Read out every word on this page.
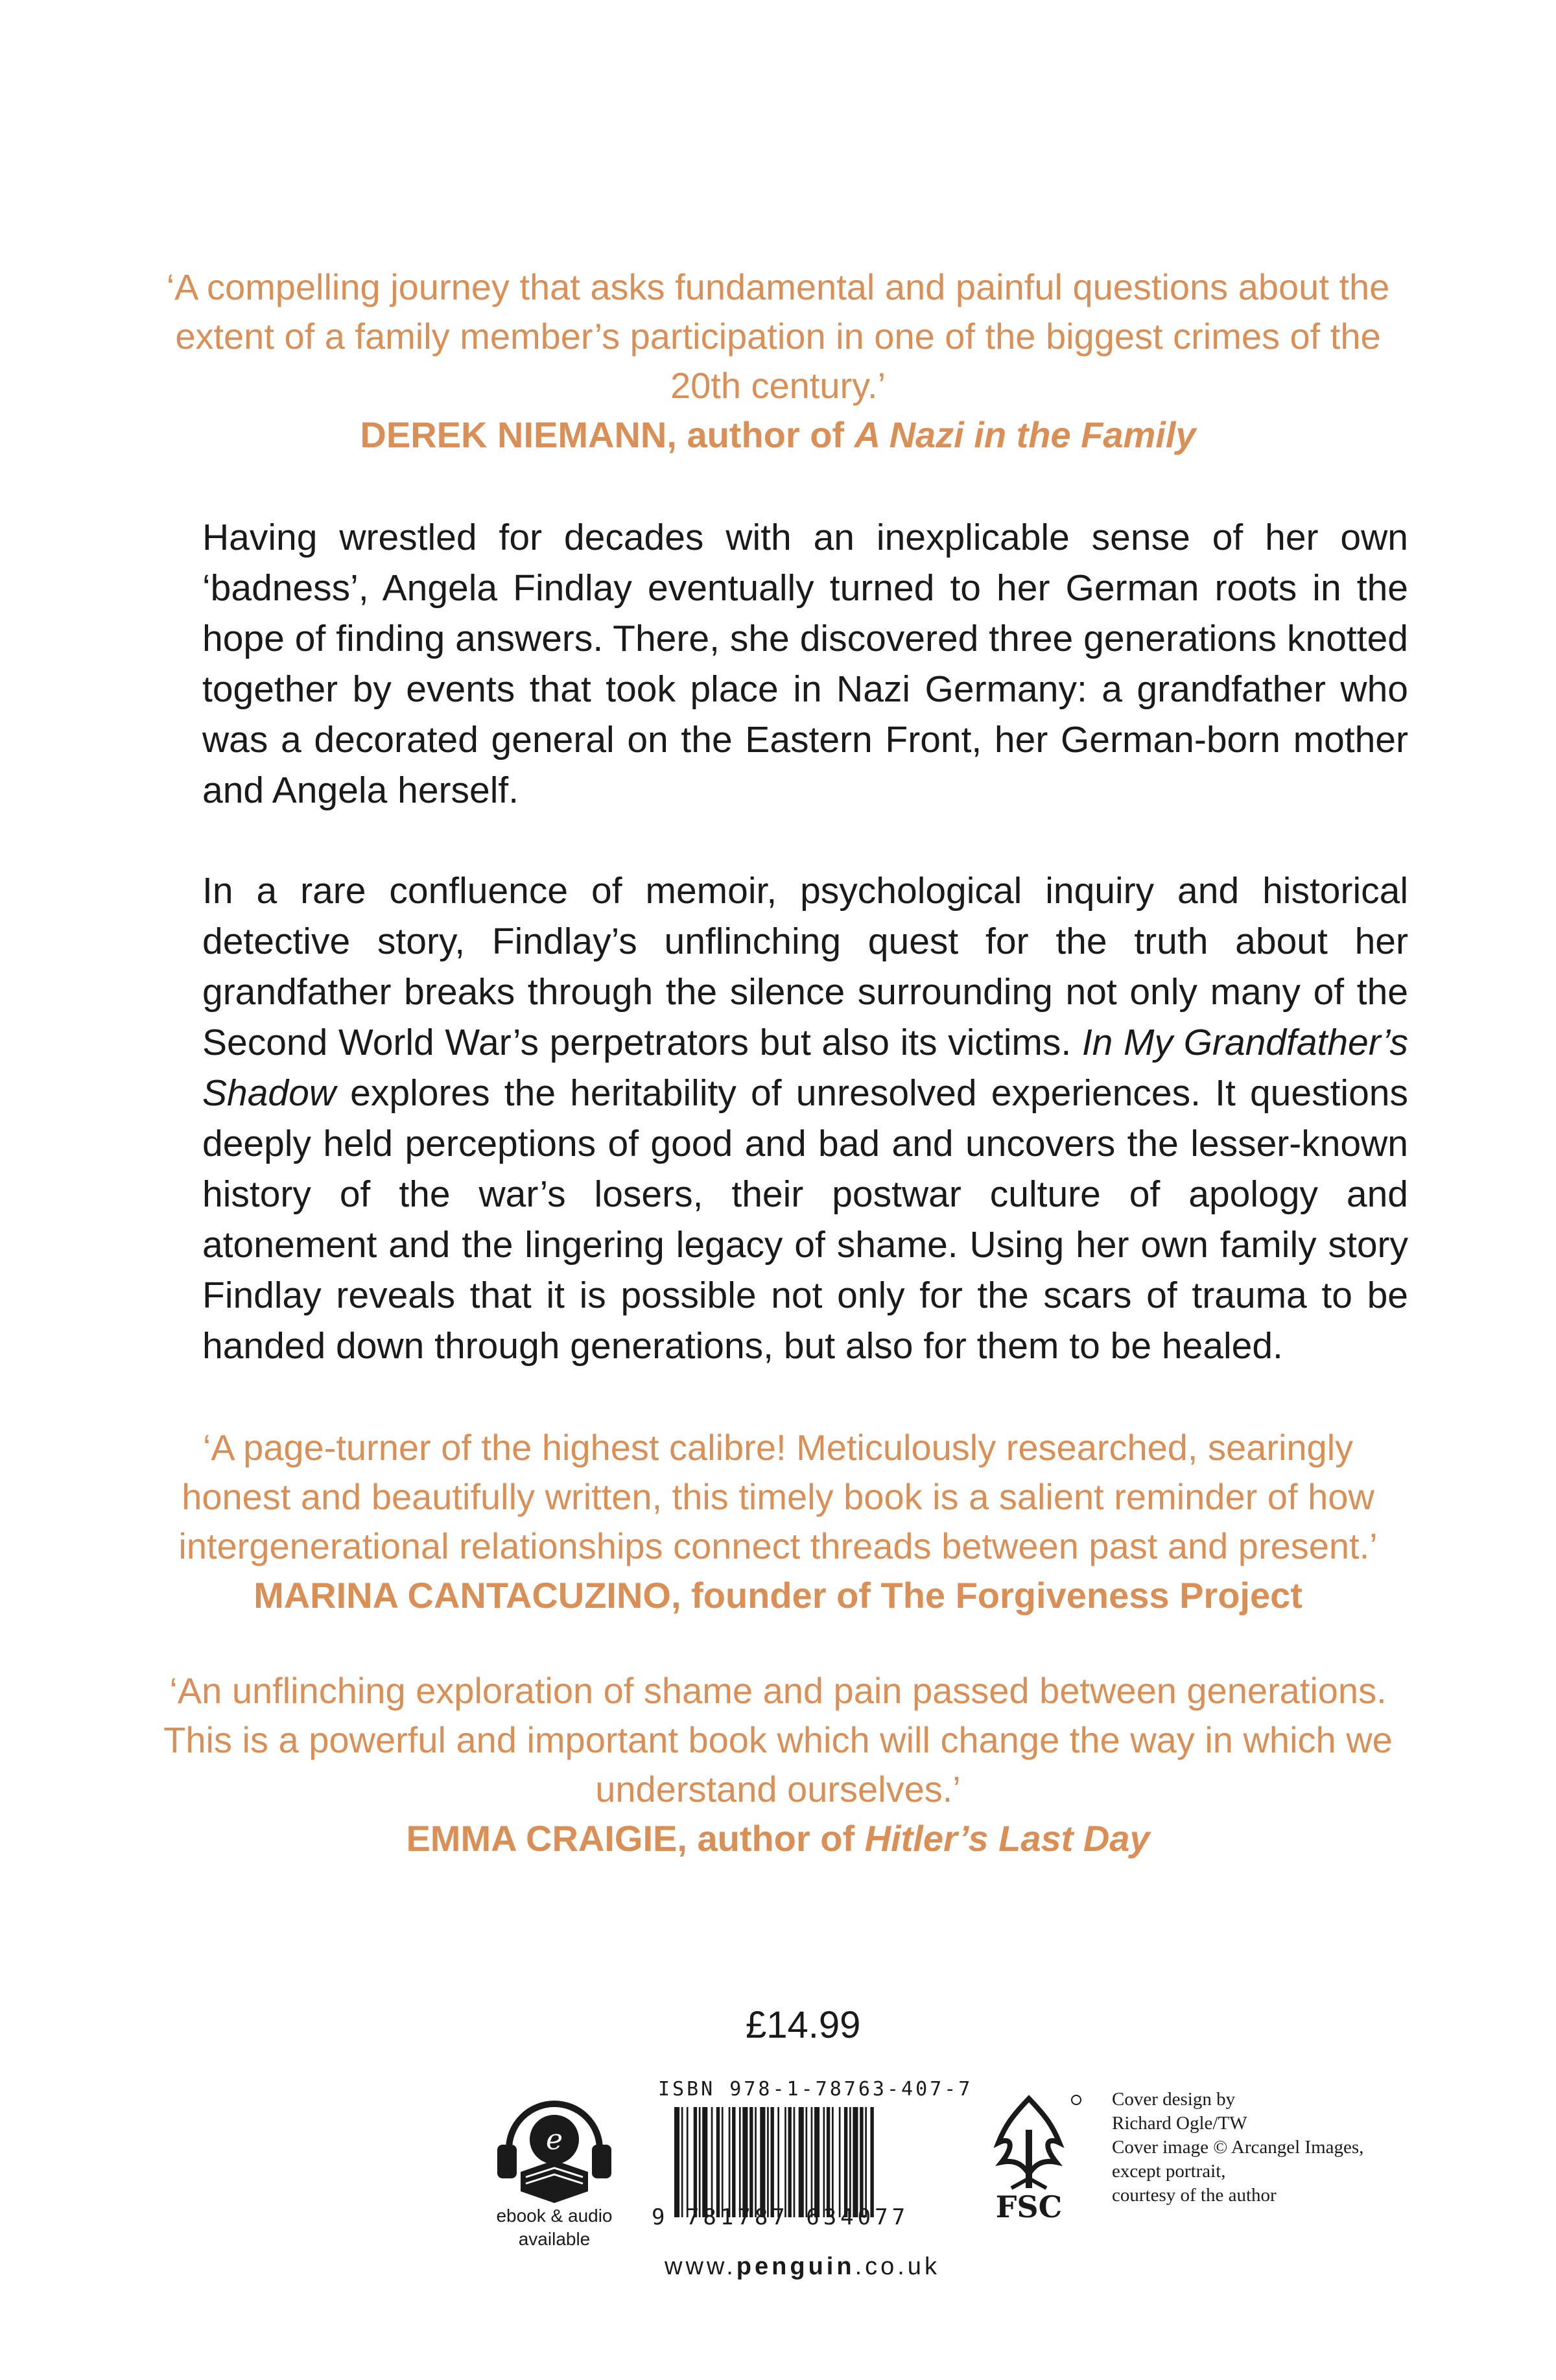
‘A compelling journey that asks fundamental and painful questions about the extent of a family member’s participation in one of the biggest crimes of the 20th century.’
DEREK NIEMANN, author of A Nazi in the Family
Having wrestled for decades with an inexplicable sense of her own ‘badness’, Angela Findlay eventually turned to her German roots in the hope of finding answers. There, she discovered three generations knotted together by events that took place in Nazi Germany: a grandfather who was a decorated general on the Eastern Front, her German-born mother and Angela herself.
In a rare confluence of memoir, psychological inquiry and historical detective story, Findlay’s unflinching quest for the truth about her grandfather breaks through the silence surrounding not only many of the Second World War’s perpetrators but also its victims. In My Grandfather’s Shadow explores the heritability of unresolved experiences. It questions deeply held perceptions of good and bad and uncovers the lesser-known history of the war’s losers, their postwar culture of apology and atonement and the lingering legacy of shame. Using her own family story Findlay reveals that it is possible not only for the scars of trauma to be handed down through generations, but also for them to be healed.
‘A page-turner of the highest calibre! Meticulously researched, searingly honest and beautifully written, this timely book is a salient reminder of how intergenerational relationships connect threads between past and present.’
MARINA CANTACUZINO, founder of The Forgiveness Project
‘An unflinching exploration of shame and pain passed between generations. This is a powerful and important book which will change the way in which we understand ourselves.’
EMMA CRAIGIE, author of Hitler’s Last Day
£14.99
e
ebook & audio
available
ISBN 978-1-78763-407-7
9 781787 634077
www.penguin.co.uk
FSC
Cover design by
Richard Ogle/TW
Cover image © Arcangel Images,
except portrait,
courtesy of the author
